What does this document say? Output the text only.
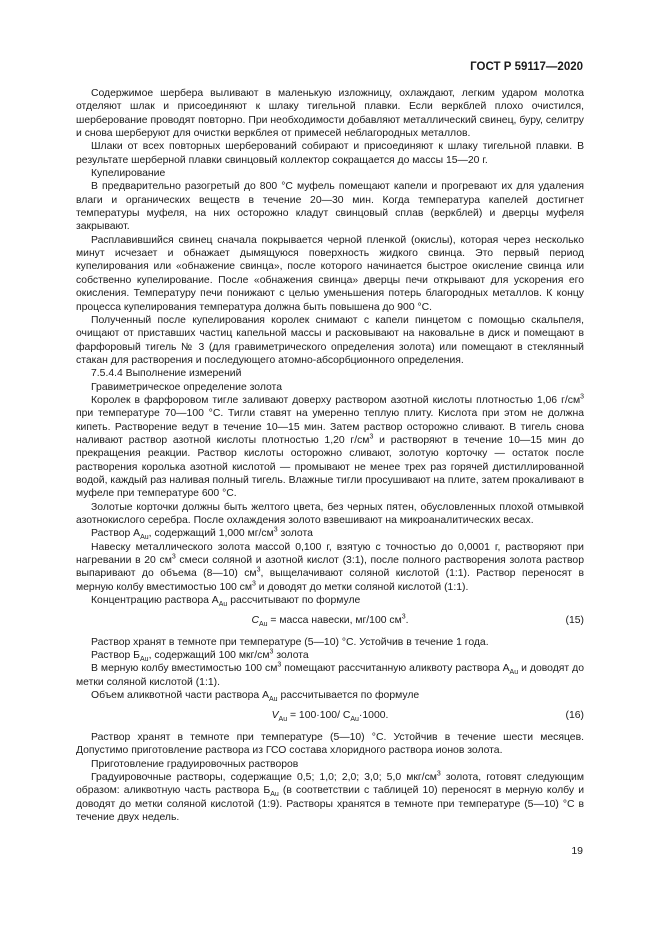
ГОСТ Р 59117—2020

Содержимое шербера выливают в маленькую изложницу, охлаждают, легким ударом молотка отделяют шлак и присоединяют к шлаку тигельной плавки. Если веркблей плохо очистился, шерберование проводят повторно. При необходимости добавляют металлический свинец, буру, селитру и снова шерберуют для очистки веркблея от примесей неблагородных металлов.

Шлаки от всех повторных шерберований собирают и присоединяют к шлаку тигельной плавки. В результате шерберной плавки свинцовый коллектор сокращается до массы 15—20 г.

Купелирование

В предварительно разогретый до 800 °С муфель помещают капели и прогревают их для удаления влаги и органических веществ в течение 20—30 мин. Когда температура капелей достигнет температуры муфеля, на них осторожно кладут свинцовый сплав (веркблей) и дверцы муфеля закрывают.

Расплавившийся свинец сначала покрывается черной пленкой (окислы), которая через несколько минут исчезает и обнажает дымящуюся поверхность жидкого свинца. Это первый период купелирования или «обнажение свинца», после которого начинается быстрое окисление свинца или собственно купелирование. После «обнажения свинца» дверцы печи открывают для ускорения его окисления. Температуру печи понижают с целью уменьшения потерь благородных металлов. К концу процесса купелирования температура должна быть повышена до 900 °С.

Полученный после купелирования королек снимают с капели пинцетом с помощью скальпеля, очищают от приставших частиц капельной массы и расковывают на наковальне в диск и помещают в фарфоровый тигель № 3 (для гравиметрического определения золота) или помещают в стеклянный стакан для растворения и последующего атомно-абсорбционного определения.

7.5.4.4 Выполнение измерений

Гравиметрическое определение золота

Королек в фарфоровом тигле заливают доверху раствором азотной кислоты плотностью 1,06 $г/см^3$ при температуре 70—100 °С. Тигли ставят на умеренно теплую плиту. Кислота при этом не должна кипеть. Растворение ведут в течение 10—15 мин. Затем раствор осторожно сливают. В тигель снова наливают раствор азотной кислоты плотностью 1,20 $г/см^3$ и растворяют в течение 10—15 мин до прекращения реакции. Раствор кислоты осторожно сливают, золотую корточку — остаток после растворения королька азотной кислотой — промывают не менее трех раз горячей дистиллированной водой, каждый раз наливая полный тигель. Влажные тигли просушивают на плите, затем прокаливают в муфеле при температуре 600 °С.

Золотые корточки должны быть желтого цвета, без черных пятен, обусловленных плохой отмывкой азотнокислого серебра. После охлаждения золото взвешивают на микроаналитических весах.

Раствор $А_{Au}$, содержащий 1,000 $мг/см^3$ золота

Навеску металлического золота массой 0,100 г, взятую с точностью до 0,0001 г, растворяют при нагревании в 20 $см^3$ смеси соляной и азотной кислот (3:1), после полного растворения золота раствор выпаривают до объема (8—10) $см^3$, выщелачивают соляной кислотой (1:1). Раствор переносят в мерную колбу вместимостью 100 $см^3$ и доводят до метки соляной кислотой (1:1).

Концентрацию раствора $А_{Au}$ рассчитывают по формуле

$С_{Au}$ = масса навески, мг/100 $см^3$.	(15)

Раствор хранят в темноте при температуре (5—10) °С. Устойчив в течение 1 года.

Раствор $Б_{Au}$, содержащий 100 мкг/$см^3$ золота

В мерную колбу вместимостью 100 $см^3$ помещают рассчитанную аликвоту раствора $А_{Au}$ и доводят до метки соляной кислотой (1:1).

Объем аликвотной части раствора $А_{Au}$ рассчитывается по формуле

$V_{Au} = 100\cdot 100/$ $С_{Au}\cdot 1000$.	(16)

Раствор хранят в темноте при температуре (5—10) °С. Устойчив в течение шести месяцев. Допустимо приготовление раствора из ГСО состава хлоридного раствора ионов золота.

Приготовление градуировочных растворов

Градуировочные растворы, содержащие 0,5; 1,0; 2,0; 3,0; 5,0 мкг/$см^3$ золота, готовят следующим образом: аликвотную часть раствора $Б_{Au}$ (в соответствии с таблицей 10) переносят в мерную колбу и доводят до метки соляной кислотой (1:9). Растворы хранятся в темноте при температуре (5—10) °С в течение двух недель.

19
